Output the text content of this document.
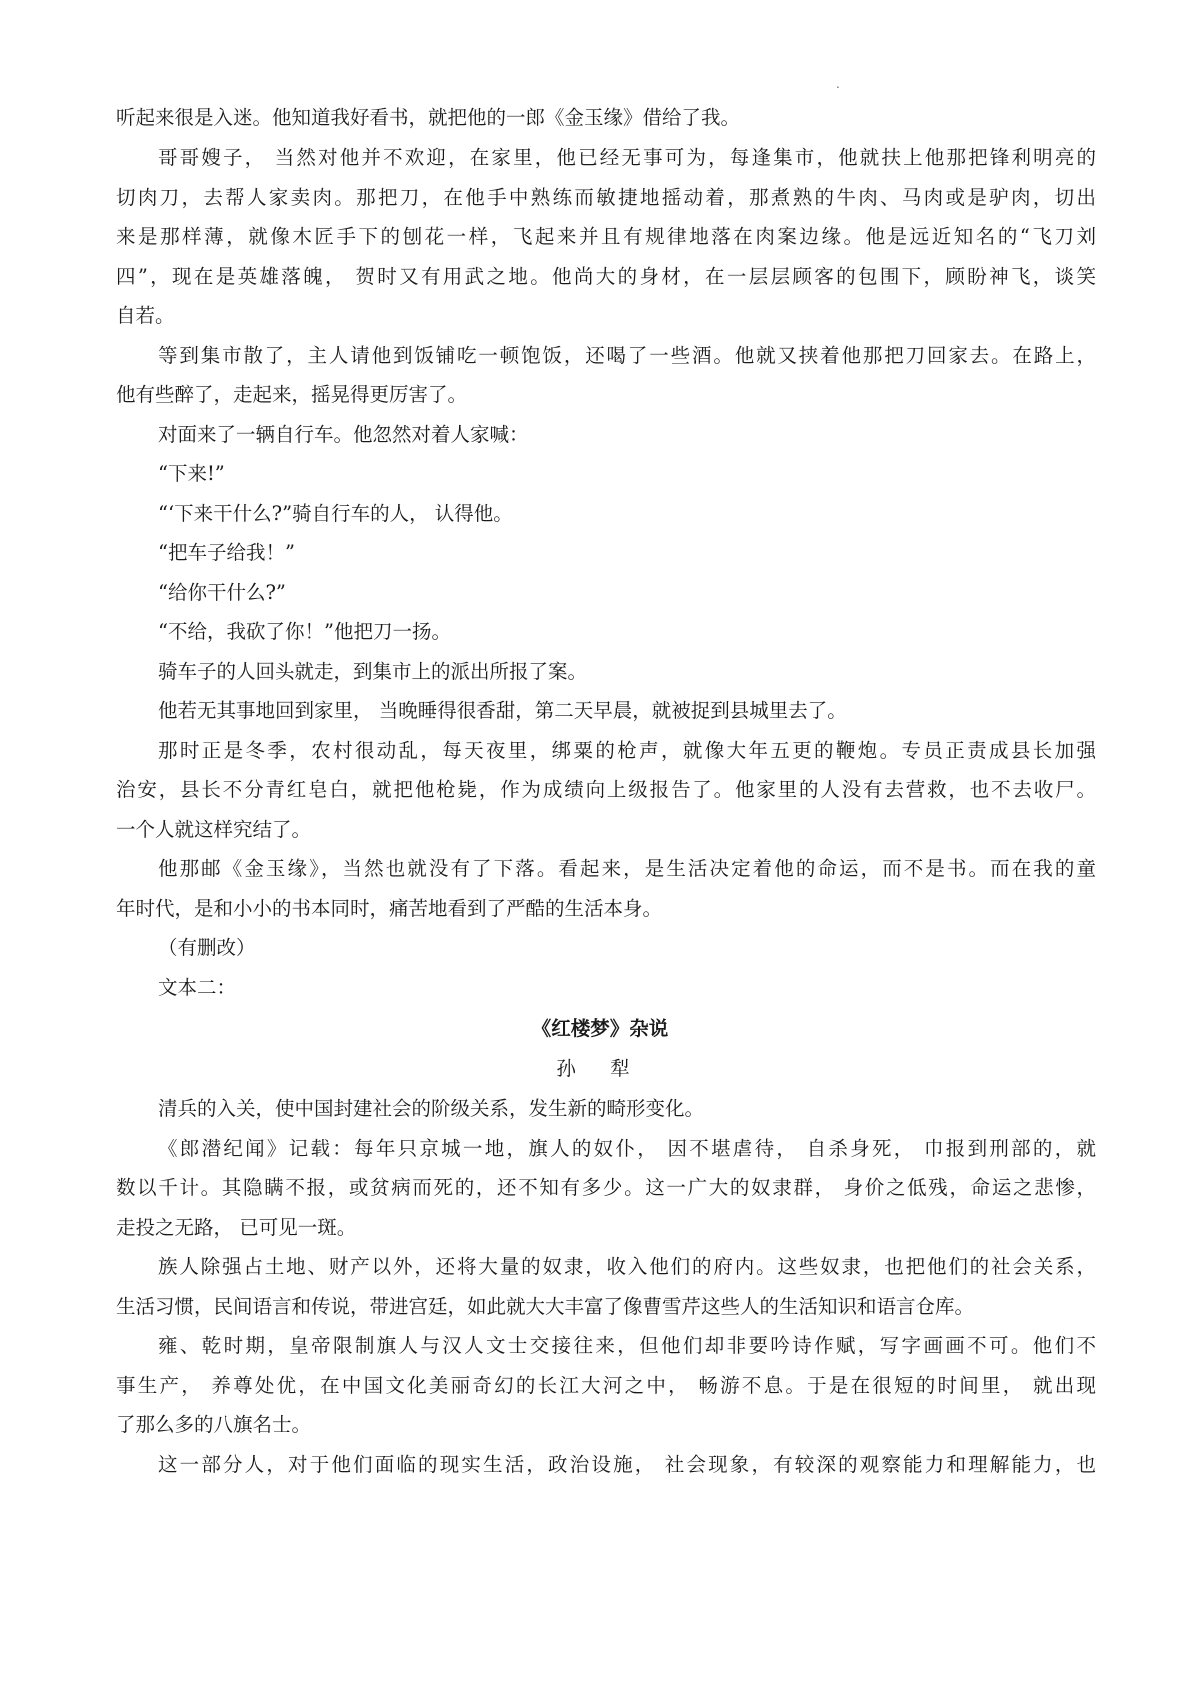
.
听起来很是入迷。他知道我好看书，就把他的一郎《金玉缘》借给了我。
哥哥嫂子， 当然对他并不欢迎，在家里，他已经无事可为，每逢集市，他就扶上他那把锋利明亮的
切肉刀，去帮人家卖肉。那把刀，在他手中熟练而敏捷地摇动着，那煮熟的牛肉、马肉或是驴肉，切出
来是那样薄，就像木匠手下的刨花一样，飞起来并且有规律地落在肉案边缘。他是远近知名的“飞刀刘
四”，现在是英雄落魄， 贺时又有用武之地。他尚大的身材，在一层层顾客的包围下，顾盼神飞，谈笑
自若。
等到集市散了，主人请他到饭铺吃一顿饱饭，还喝了一些酒。他就又挟着他那把刀回家去。在路上，
他有些醉了，走起来，摇晃得更厉害了。
对面来了一辆自行车。他忽然对着人家喊：
“下来!”
“‘下来干什么?”骑自行车的人， 认得他。
“把车子给我！”
“给你干什么?”
“不给，我砍了你！”他把刀一扬。
骑车子的人回头就走，到集市上的派出所报了案。
他若无其事地回到家里， 当晚睡得很香甜，第二天早晨，就被捉到县城里去了。
那时正是冬季，农村很动乱，每天夜里，绑粟的枪声，就像大年五更的鞭炮。专员正责成县长加强
治安，县长不分青红皂白，就把他枪毙，作为成绩向上级报告了。他家里的人没有去营救，也不去收尸。
一个人就这样究结了。
他那邮《金玉缘》，当然也就没有了下落。看起来，是生活决定着他的命运，而不是书。而在我的童
年时代，是和小小的书本同时，痛苦地看到了严酷的生活本身。
（有删改）
文本二：
《红楼梦》杂说
孙 犁
清兵的入关，使中国封建社会的阶级关系，发生新的畸形变化。
《郎潜纪闻》记载：每年只京城一地，旗人的奴仆， 因不堪虐待， 自杀身死， 巾报到刑部的，就
数以千计。其隐瞒不报，或贫病而死的，还不知有多少。这一广大的奴隶群， 身价之低残，命运之悲惨，
走投之无路， 已可见一斑。
族人除强占土地、财产以外，还将大量的奴隶，收入他们的府内。这些奴隶，也把他们的社会关系，
生活习惯，民间语言和传说，带进宫廷，如此就大大丰富了像曹雪芹这些人的生活知识和语言仓库。
雍、乾时期，皇帝限制旗人与汉人文士交接往来，但他们却非要吟诗作赋，写字画画不可。他们不
事生产， 养尊处优，在中国文化美丽奇幻的长江大河之中， 畅游不息。于是在很短的时间里， 就出现
了那么多的八旗名士。
这一部分人，对于他们面临的现实生活，政治设施， 社会现象，有较深的观察能力和理解能力，也
